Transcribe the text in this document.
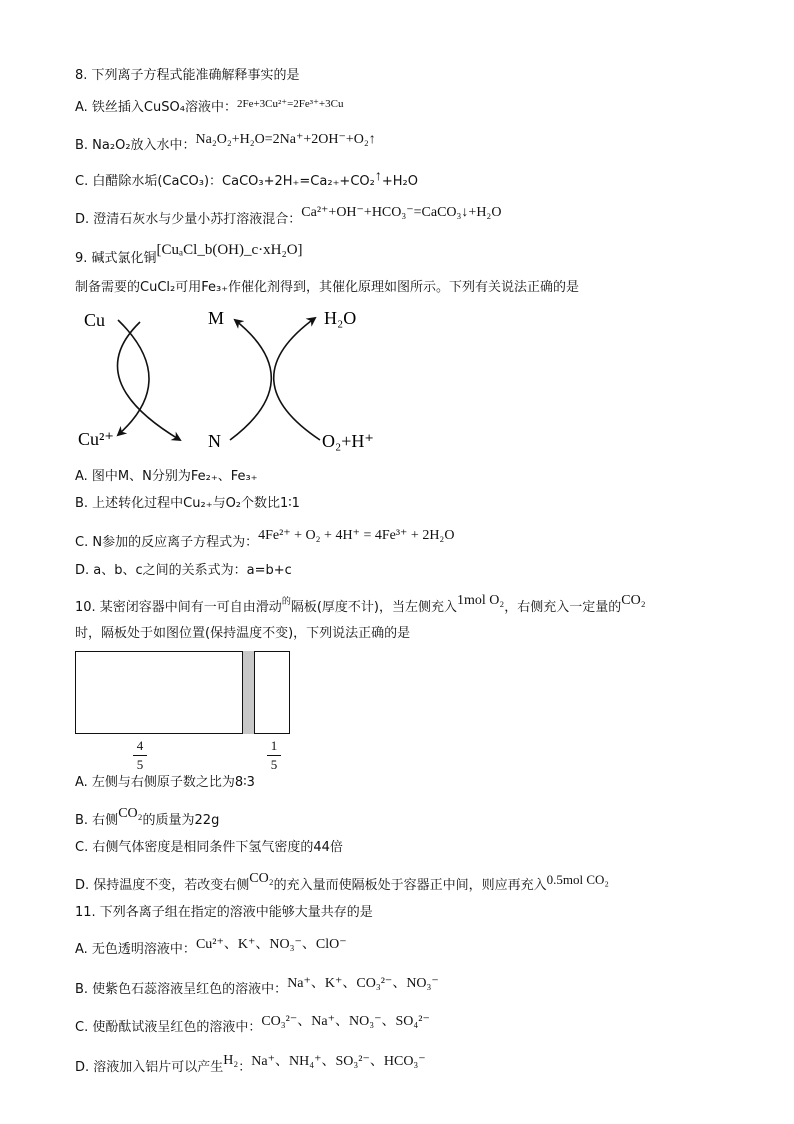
8. 下列离子方程式能准确解释事实的是
A. 铁丝插入CuSO₄溶液中：$^{2Fe+3Cu^{2+}=2Fe^{3+}+3Cu}$
B. Na₂O₂放入水中：Na₂O₂+H₂O=2Na⁺+2OH⁻+O₂↑
C. 白醋除水垢(CaCO₃)：CaCO₃+2H₊=Ca₂₊+CO₂↑+H₂O
D. 澄清石灰水与少量小苏打溶液混合：Ca²⁺+OH⁻+HCO₃⁻=CaCO₃↓+H₂O
9. 碱式氯化铜[CuₐCl_b(OH)_c·xH₂O]
制备需要的CuCl₂可用Fe₃₊作催化剂得到，其催化原理如图所示。下列有关说法正确的是
Cu	M	H₂O
Cu²⁺	N	O₂+H⁺
A. 图中M、N分别为Fe₂₊、Fe₃₊
B. 上述转化过程中Cu₂₊与O₂个数比1∶1
C. N参加的反应离子方程式为：4Fe²⁺ + O₂ + 4H⁺ = 4Fe³⁺ + 2H₂O
D. a、b、c之间的关系式为：a=b+c
10. 某密闭容器中间有一可自由滑动$^的$隔板(厚度不计)，当左侧充入1mol O₂，右侧充入一定量的CO₂
时，隔板处于如图位置(保持温度不变)，下列说法正确的是
4
5
1
5
A. 左侧与右侧原子数之比为8∶3
B. 右侧CO₂的质量为22g
C. 右侧气体密度是相同条件下氢气密度的44倍
D. 保持温度不变，若改变右侧CO₂的充入量而使隔板处于容器正中间，则应再充入0.5mol CO₂
11. 下列各离子组在指定的溶液中能够大量共存的是
A. 无色透明溶液中：Cu²⁺、K⁺、NO₃⁻、ClO⁻
B. 使紫色石蕊溶液呈红色的溶液中：Na⁺、K⁺、CO₃²⁻、NO₃⁻
C. 使酚酞试液呈红色的溶液中：CO₃²⁻、Na⁺、NO₃⁻、SO₄²⁻
D. 溶液加入铝片可以产生H₂：Na⁺、NH₄⁺、SO₃²⁻、HCO₃⁻
